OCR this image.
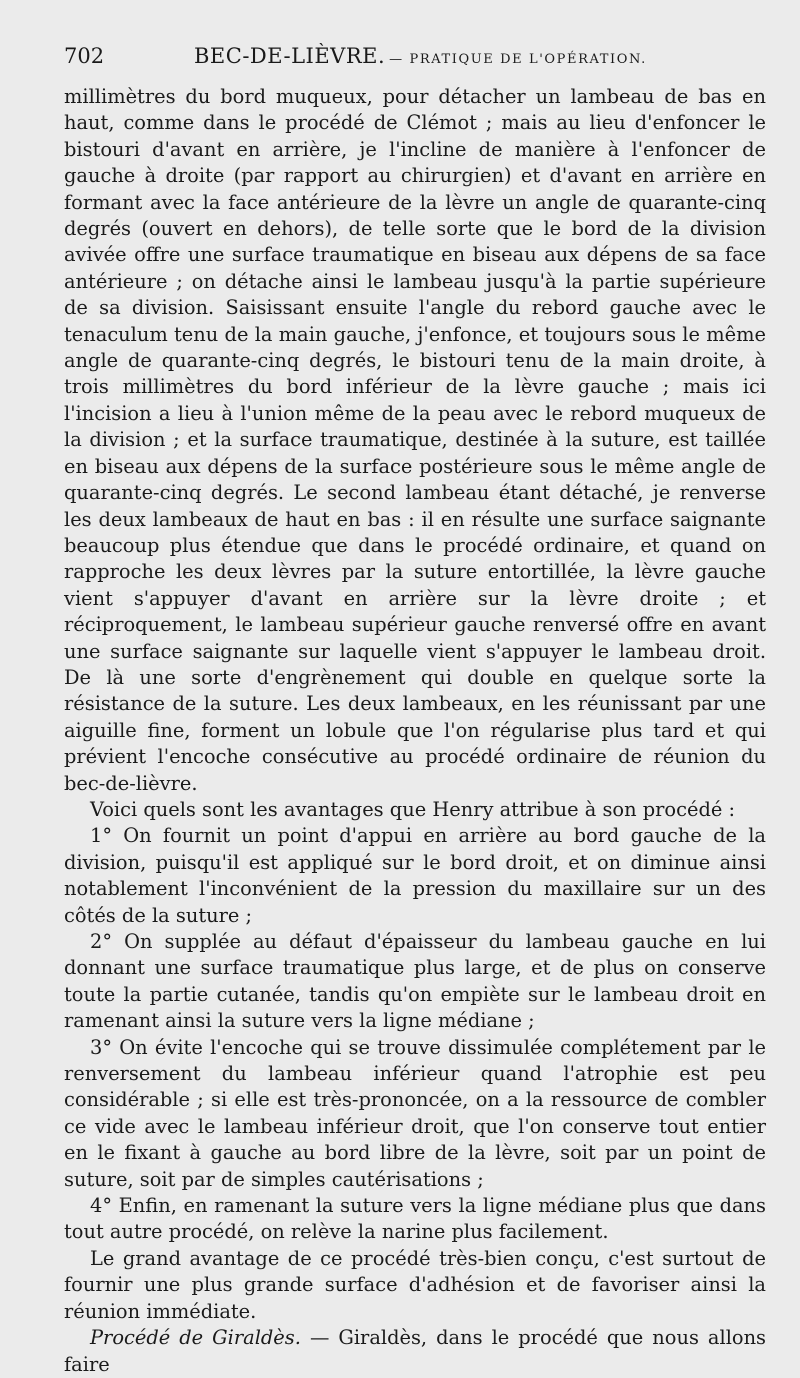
702	BEC-DE-LIÈVRE. — PRATIQUE DE L'OPÉRATION.

millimètres du bord muqueux, pour détacher un lambeau de bas en haut, comme dans le procédé de Clémot ; mais au lieu d'enfoncer le bistouri d'avant en arrière, je l'incline de manière à l'enfoncer de gauche à droite (par rapport au chirurgien) et d'avant en arrière en formant avec la face antérieure de la lèvre un angle de quarante-cinq degrés (ouvert en dehors), de telle sorte que le bord de la division avivée offre une surface traumatique en biseau aux dépens de sa face antérieure ; on détache ainsi le lambeau jusqu'à la partie supérieure de sa division. Saisissant ensuite l'angle du rebord gauche avec le tenaculum tenu de la main gauche, j'enfonce, et toujours sous le même angle de quarante-cinq degrés, le bistouri tenu de la main droite, à trois millimètres du bord inférieur de la lèvre gauche ; mais ici l'incision a lieu à l'union même de la peau avec le rebord muqueux de la division ; et la surface traumatique, destinée à la suture, est taillée en biseau aux dépens de la surface postérieure sous le même angle de quarante-cinq degrés. Le second lambeau étant détaché, je renverse les deux lambeaux de haut en bas : il en résulte une surface saignante beaucoup plus étendue que dans le procédé ordinaire, et quand on rapproche les deux lèvres par la suture entortillée, la lèvre gauche vient s'appuyer d'avant en arrière sur la lèvre droite ; et réciproquement, le lambeau supérieur gauche renversé offre en avant une surface saignante sur laquelle vient s'appuyer le lambeau droit. De là une sorte d'engrènement qui double en quelque sorte la résistance de la suture. Les deux lambeaux, en les réunissant par une aiguille fine, forment un lobule que l'on régularise plus tard et qui prévient l'encoche consécutive au procédé ordinaire de réunion du bec-de-lièvre.

Voici quels sont les avantages que Henry attribue à son procédé :

1° On fournit un point d'appui en arrière au bord gauche de la division, puisqu'il est appliqué sur le bord droit, et on diminue ainsi notablement l'inconvénient de la pression du maxillaire sur un des côtés de la suture ;

2° On supplée au défaut d'épaisseur du lambeau gauche en lui donnant une surface traumatique plus large, et de plus on conserve toute la partie cutanée, tandis qu'on empiète sur le lambeau droit en ramenant ainsi la suture vers la ligne médiane ;

3° On évite l'encoche qui se trouve dissimulée complétement par le renversement du lambeau inférieur quand l'atrophie est peu considérable ; si elle est très-prononcée, on a la ressource de combler ce vide avec le lambeau inférieur droit, que l'on conserve tout entier en le fixant à gauche au bord libre de la lèvre, soit par un point de suture, soit par de simples cautérisations ;

4° Enfin, en ramenant la suture vers la ligne médiane plus que dans tout autre procédé, on relève la narine plus facilement.

Le grand avantage de ce procédé très-bien conçu, c'est surtout de fournir une plus grande surface d'adhésion et de favoriser ainsi la réunion immédiate.

Procédé de Giraldès. — Giraldès, dans le procédé que nous allons faire
